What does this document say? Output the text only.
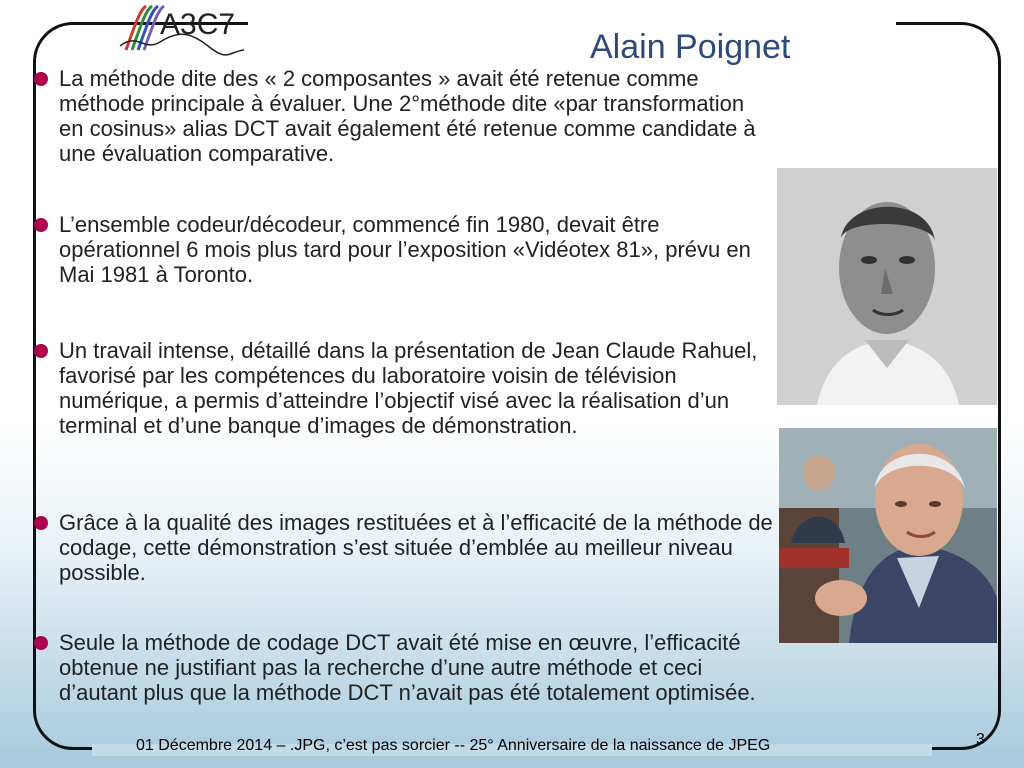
A3C7
Alain Poignet
La méthode dite des « 2 composantes » avait été retenue comme méthode principale à évaluer. Une 2°méthode dite «par transformation en cosinus» alias DCT avait également été retenue comme candidate à une évaluation comparative.
L’ensemble codeur/décodeur, commencé fin 1980, devait être opérationnel 6 mois plus tard pour l’exposition «Vidéotex 81», prévu en Mai 1981 à Toronto.
Un travail intense, détaillé dans la présentation de Jean Claude Rahuel, favorisé par les compétences du laboratoire voisin de télévision numérique, a permis d’atteindre l’objectif visé avec la réalisation d’un terminal et d’une banque d’images de démonstration.
Grâce à la qualité des images restituées et à l’efficacité de la méthode de codage, cette démonstration s’est située d’emblée au meilleur niveau possible.
Seule la méthode de codage DCT avait été mise en œuvre, l’efficacité obtenue ne justifiant pas la recherche d’une autre méthode et ceci d’autant plus que la méthode DCT n’avait pas été totalement optimisée.
01 Décembre 2014 – .JPG, c’est pas sorcier -- 25° Anniversaire de la naissance de JPEG	3
